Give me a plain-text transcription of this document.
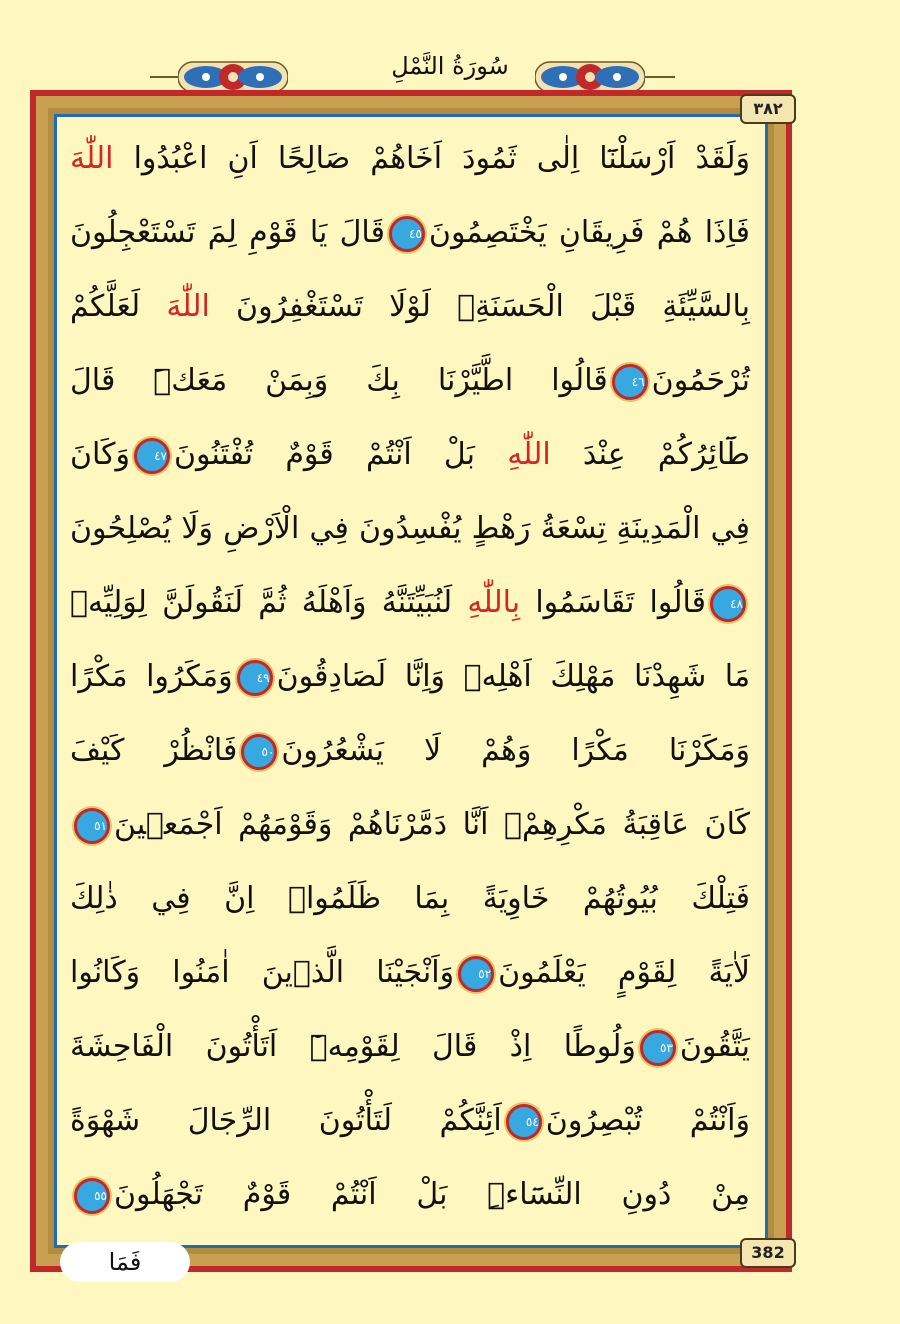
سُورَةُ النَّمْلِ
٣٨٢
وَلَقَدْ اَرْسَلْنَٓا اِلٰى ثَمُودَ اَخَاهُمْ صَالِحًا اَنِ اعْبُدُوا اللّٰهَ
فَاِذَا هُمْ فَرِيقَانِ يَخْتَصِمُونَ٤٥قَالَ يَا قَوْمِ لِمَ تَسْتَعْجِلُونَ
بِالسَّيِّئَةِ قَبْلَ الْحَسَنَةِۚ لَوْلَا تَسْتَغْفِرُونَ اللّٰهَ لَعَلَّكُمْ
تُرْحَمُونَ٤٦قَالُوا اطَّيَّرْنَا بِكَ وَبِمَنْ مَعَكَۜ قَالَ
طَٓائِرُكُمْ عِنْدَ اللّٰهِ بَلْ اَنْتُمْ قَوْمٌ تُفْتَنُونَ٤٧وَكَانَ
فِي الْمَدِينَةِ تِسْعَةُ رَهْطٍ يُفْسِدُونَ فِي الْاَرْضِ وَلَا يُصْلِحُونَ
٤٨قَالُوا تَقَاسَمُوا بِاللّٰهِ لَنُبَيِّتَنَّهُ وَاَهْلَهُ ثُمَّ لَنَقُولَنَّ لِوَلِيِّه۪
مَا شَهِدْنَا مَهْلِكَ اَهْلِه۪ وَاِنَّا لَصَادِقُونَ٤٩وَمَكَرُوا مَكْرًا
وَمَكَرْنَا مَكْرًا وَهُمْ لَا يَشْعُرُونَ٥٠فَانْظُرْ كَيْفَ
كَانَ عَاقِبَةُ مَكْرِهِمْۙ اَنَّا دَمَّرْنَاهُمْ وَقَوْمَهُمْ اَجْمَع۪ينَ٥١
فَتِلْكَ بُيُوتُهُمْ خَاوِيَةً بِمَا ظَلَمُواۜ اِنَّ فِي ذٰلِكَ
لَاٰيَةً لِقَوْمٍ يَعْلَمُونَ٥٢وَاَنْجَيْنَا الَّذ۪ينَ اٰمَنُوا وَكَانُوا
يَتَّقُونَ٥٣وَلُوطًا اِذْ قَالَ لِقَوْمِه۪ٓ اَتَأْتُونَ الْفَاحِشَةَ
وَاَنْتُمْ تُبْصِرُونَ٥٤اَئِنَّكُمْ لَتَأْتُونَ الرِّجَالَ شَهْوَةً
مِنْ دُونِ النِّسَٓاءِۜ بَلْ اَنْتُمْ قَوْمٌ تَجْهَلُونَ٥٥
382
فَمَا
